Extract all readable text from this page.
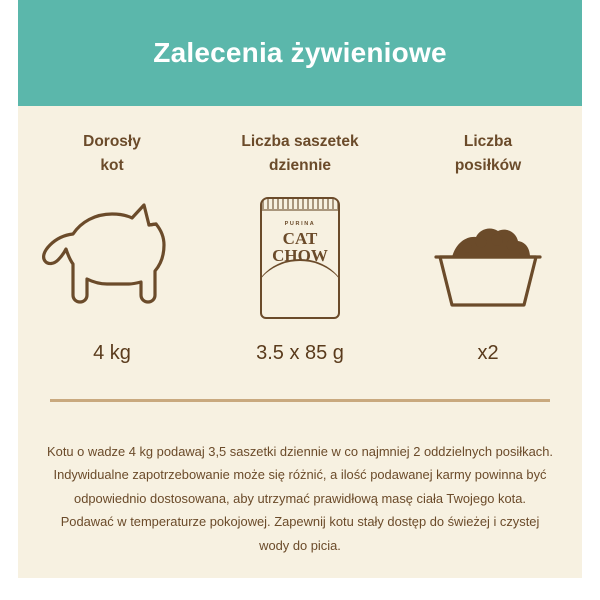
Zalecenia żywieniowe
Dorosły
kot
4 kg
Liczba saszetek
dziennie
PURINA
CAT
CHOW
3.5 x 85 g
Liczba
posiłków
x2
Kotu o wadze 4 kg podawaj 3,5 saszetki dziennie w co najmniej 2 oddzielnych posiłkach. Indywidualne zapotrzebowanie może się różnić, a ilość podawanej karmy powinna być odpowiednio dostosowana, aby utrzymać prawidłową masę ciała Twojego kota. Podawać w temperaturze pokojowej. Zapewnij kotu stały dostęp do świeżej i czystej wody do picia.
